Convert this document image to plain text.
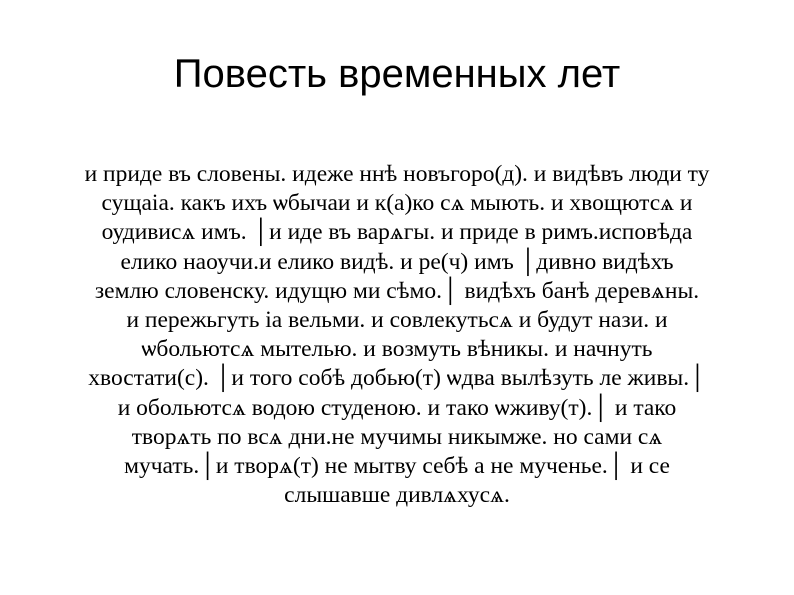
Повесть временных лет
и приде въ словены. идеже ннѣ новъгоро(д). и видѣвъ люди ту
сущаiа. какъ ихъ ѡбычаи и к(а)ко сѧ мыють. и хвощютсѧ и
оудивисѧ имъ. │и иде въ варѧгы. и приде в римъ.исповѣда
елико наоучи.и елико видѣ. и ре(ч) имъ │дивно видѣхъ
землю словенску. идущю ми сѣмо.│ видѣхъ банѣ деревѧны.
и пережьгуть iа вельми. и совлекутьсѧ и будут нази. и
ѡбольютсѧ мытелью. и возмуть вѣникы. и начнуть
хвостати(с). │и того собѣ добью(т) ѡдва вылѣзуть ле живы.│
и обольютсѧ водою студеною. и тако ѡживу(т).│ и тако
творѧть по всѧ дни.не мучимы никымже. но сами сѧ
мучать.│и творѧ(т) не мытву себѣ а не мученье.│ и се
слышавше дивлѧхусѧ.
